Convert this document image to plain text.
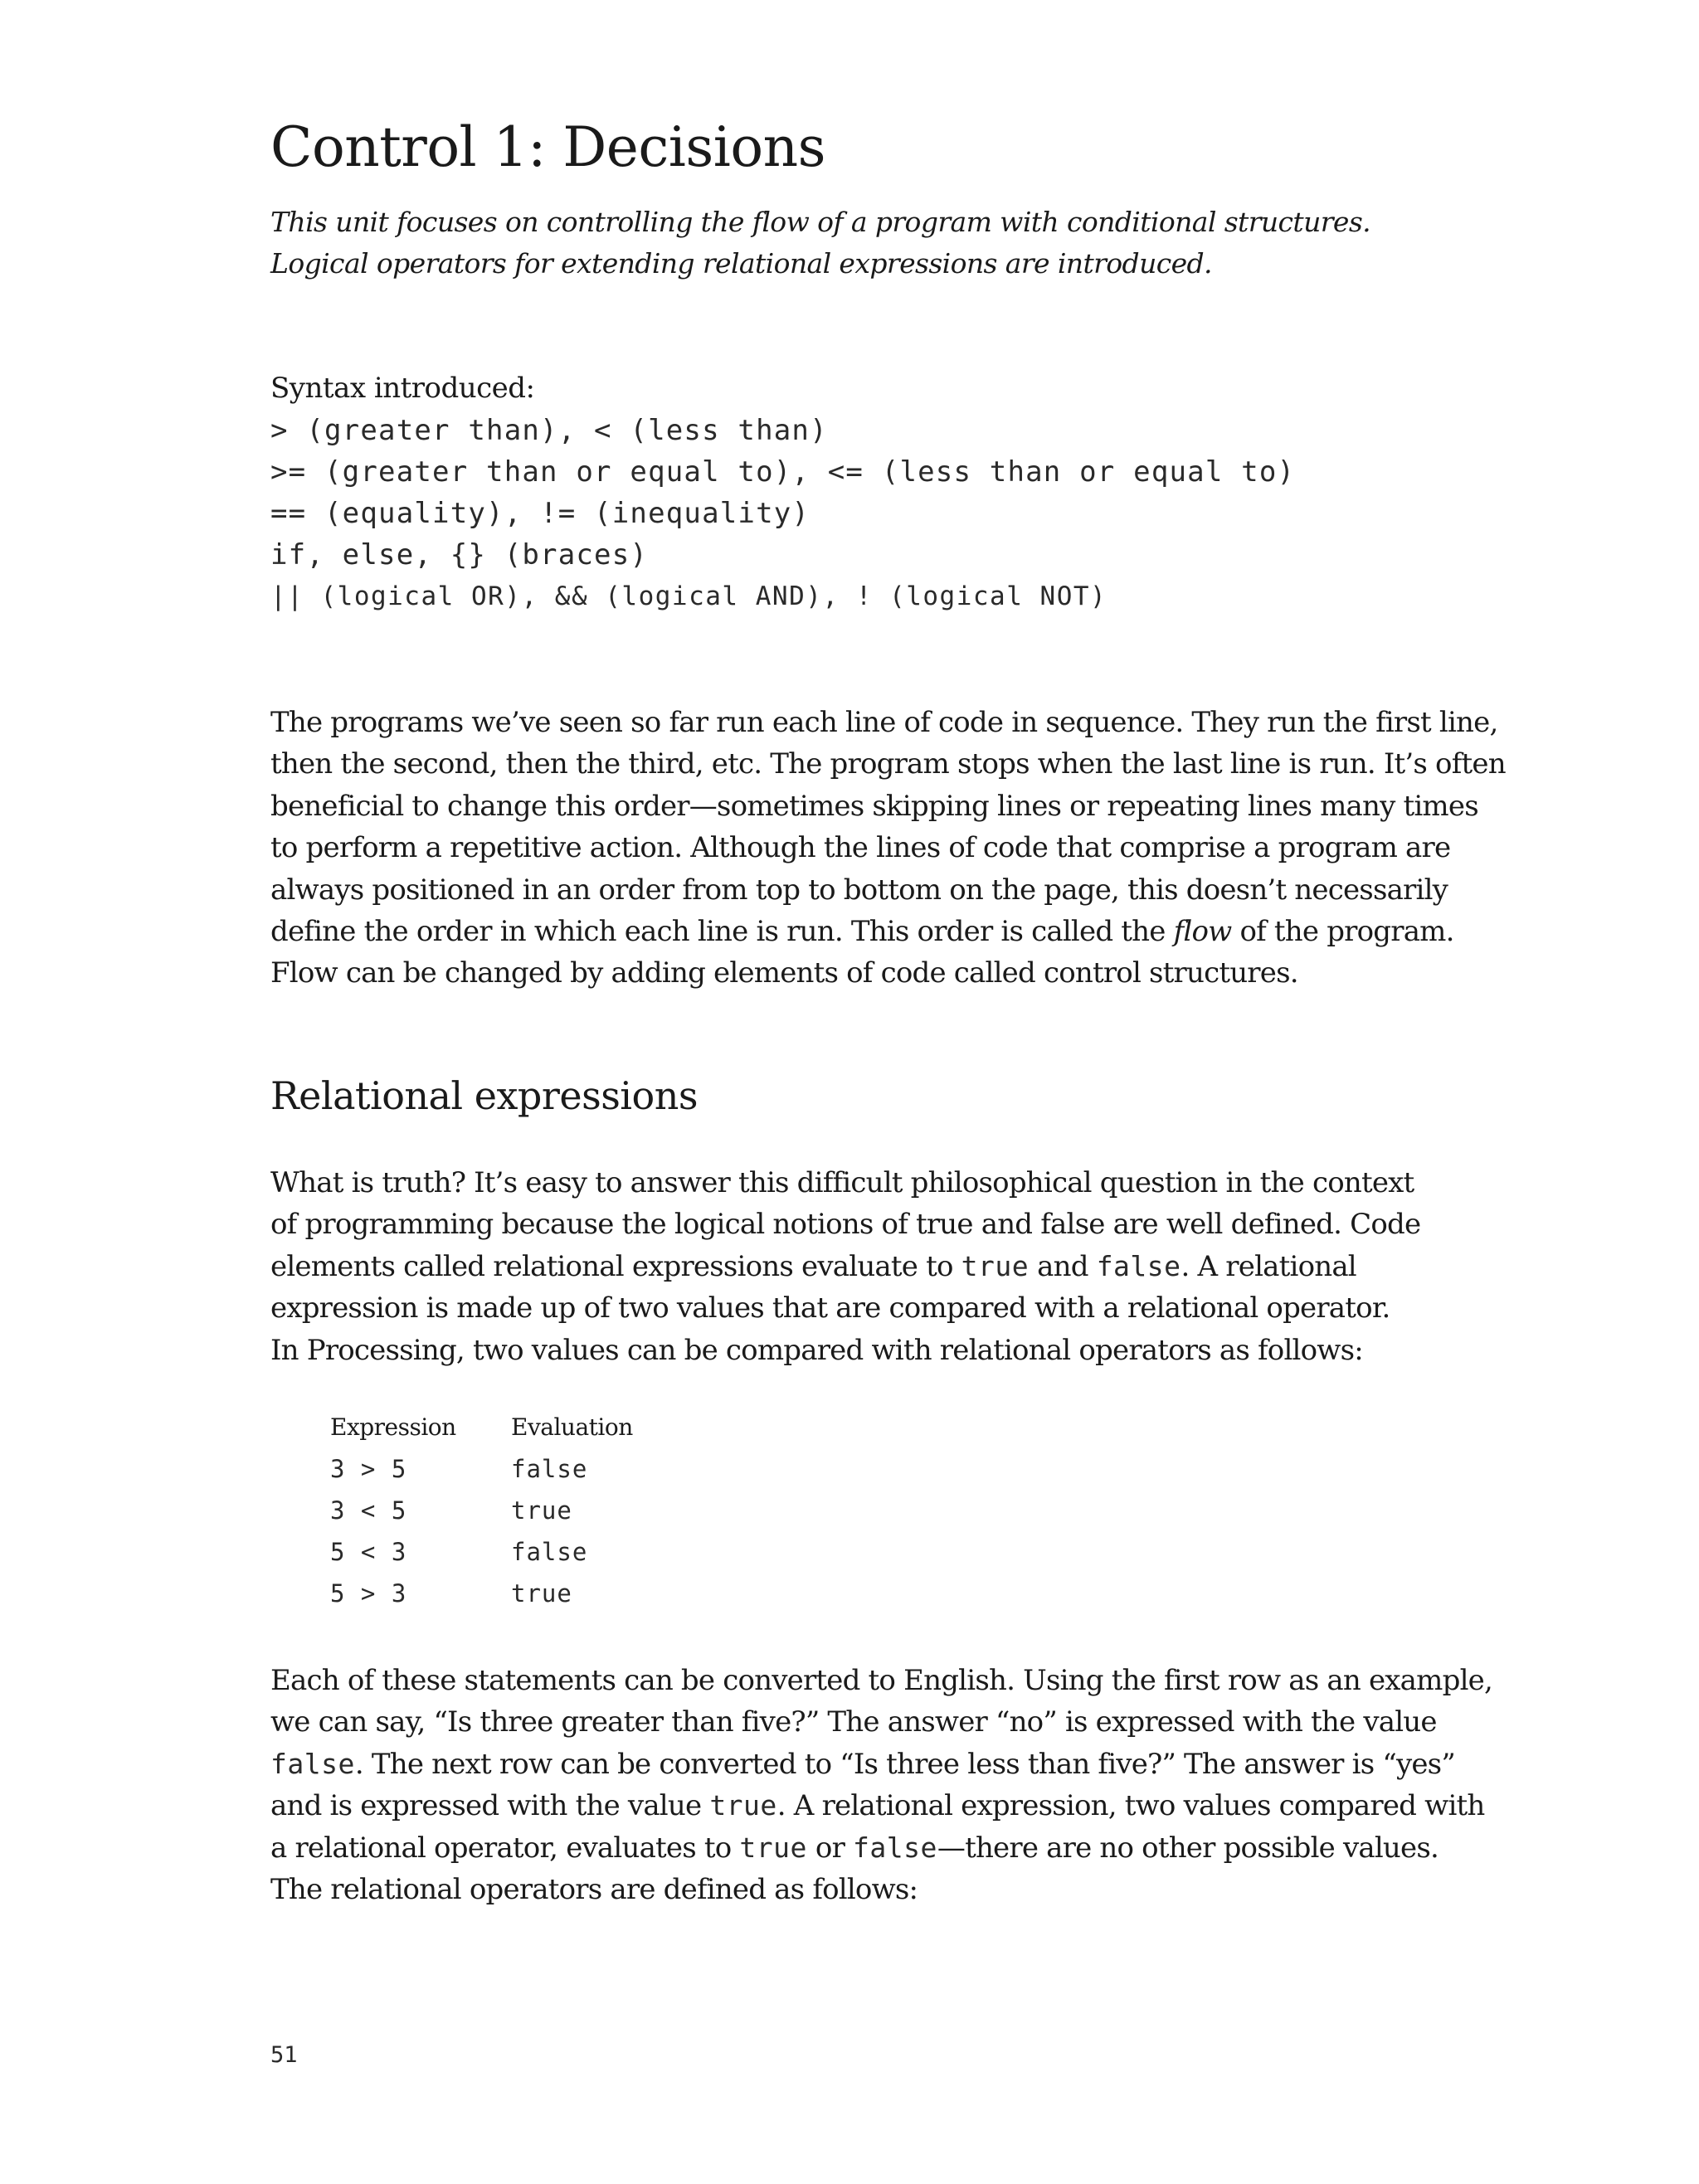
Control 1: Decisions

This unit focuses on controlling the flow of a program with conditional structures.
Logical operators for extending relational expressions are introduced.

Syntax introduced:

> (greater than), < (less than)
>= (greater than or equal to), <= (less than or equal to)
== (equality), != (inequality)
if, else, {} (braces)
|| (logical OR), && (logical AND), ! (logical NOT)

The programs we’ve seen so far run each line of code in sequence. They run the first line,
then the second, then the third, etc. The program stops when the last line is run. It’s often
beneficial to change this order—sometimes skipping lines or repeating lines many times
to perform a repetitive action. Although the lines of code that comprise a program are
always positioned in an order from top to bottom on the page, this doesn’t necessarily
define the order in which each line is run. This order is called the flow of the program.
Flow can be changed by adding elements of code called control structures.

Relational expressions

What is truth? It’s easy to answer this difficult philosophical question in the context
of programming because the logical notions of true and false are well defined. Code
elements called relational expressions evaluate to true and false. A relational
expression is made up of two values that are compared with a relational operator.
In Processing, two values can be compared with relational operators as follows:

Expression	Evaluation
3 > 5	false
3 < 5	true
5 < 3	false
5 > 3	true

Each of these statements can be converted to English. Using the first row as an example,
we can say, “Is three greater than five?” The answer “no” is expressed with the value
false. The next row can be converted to “Is three less than five?” The answer is “yes”
and is expressed with the value true. A relational expression, two values compared with
a relational operator, evaluates to true or false—there are no other possible values.
The relational operators are defined as follows:

51
